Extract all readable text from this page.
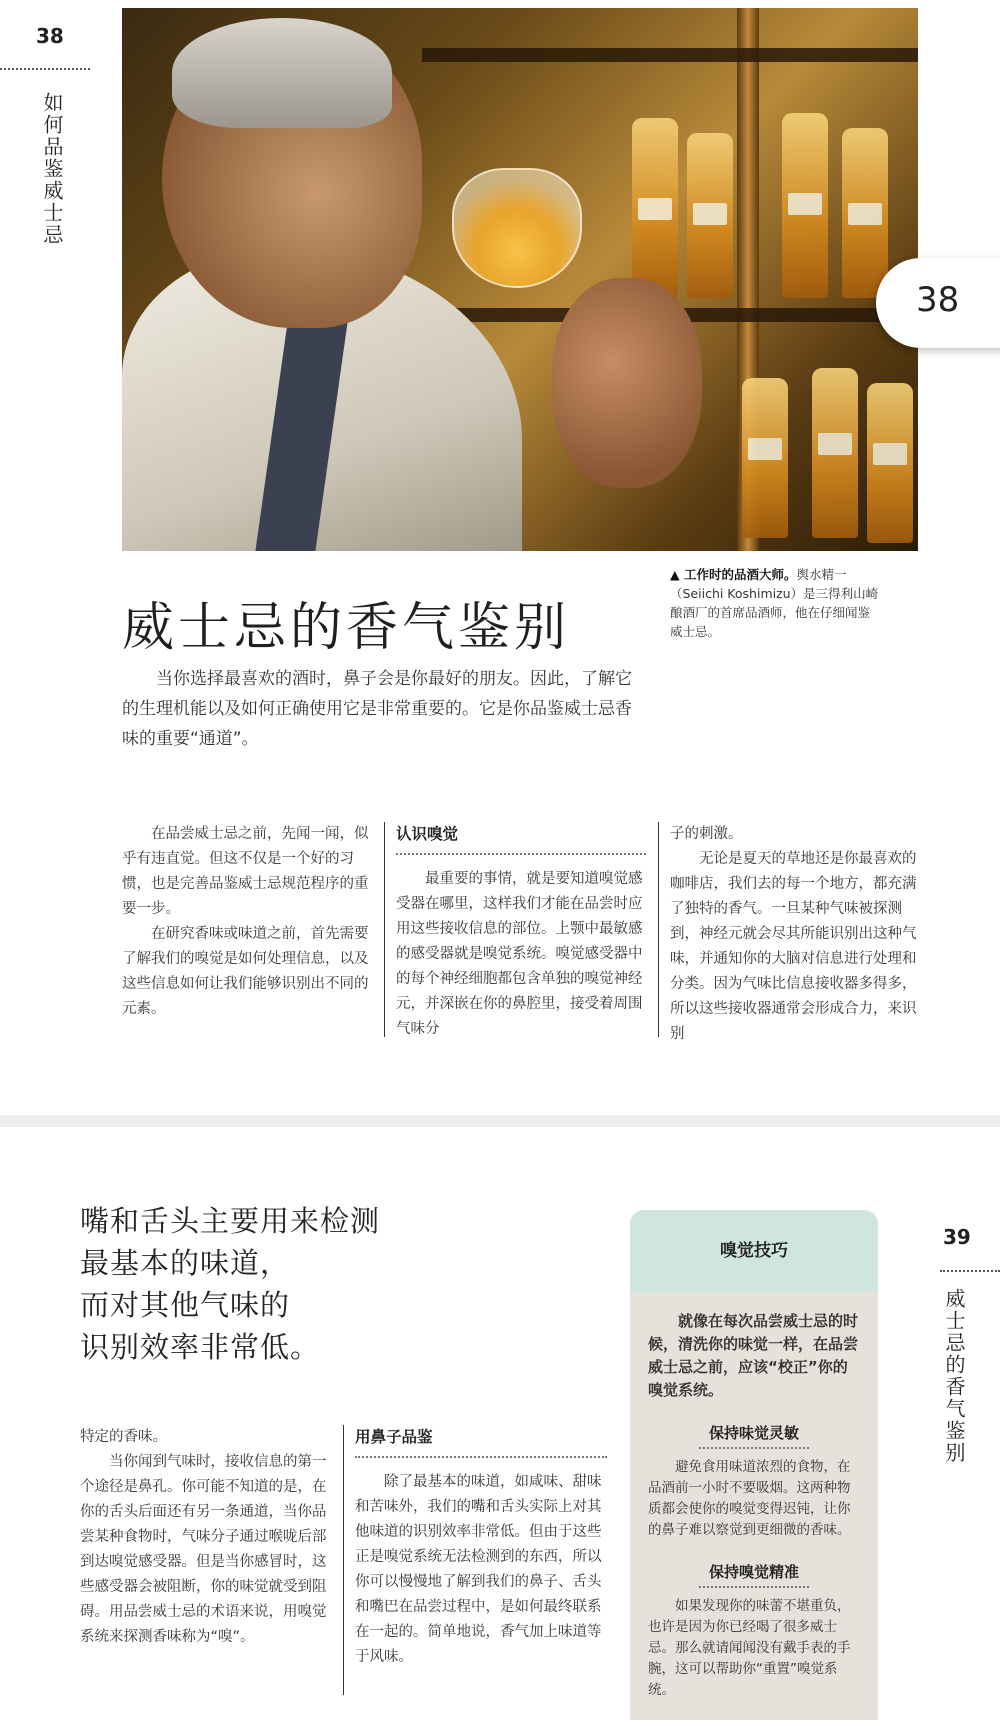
38
如何品鉴威士忌
38
▲ 工作时的品酒大师。舆水精一（Seiichi Koshimizu）是三得利山崎酿酒厂的首席品酒师，他在仔细闻鉴威士忌。
威士忌的香气鉴别

当你选择最喜欢的酒时，鼻子会是你最好的朋友。因此，了解它的生理机能以及如何正确使用它是非常重要的。它是你品鉴威士忌香味的重要“通道”。

在品尝威士忌之前，先闻一闻，似乎有违直觉。但这不仅是一个好的习惯，也是完善品鉴威士忌规范程序的重要一步。

在研究香味或味道之前，首先需要了解我们的嗅觉是如何处理信息，以及这些信息如何让我们能够识别出不同的元素。

认识嗅觉

最重要的事情，就是要知道嗅觉感受器在哪里，这样我们才能在品尝时应用这些接收信息的部位。上颚中最敏感的感受器就是嗅觉系统。嗅觉感受器中的每个神经细胞都包含单独的嗅觉神经元，并深嵌在你的鼻腔里，接受着周围气味分

子的刺激。

无论是夏天的草地还是你最喜欢的咖啡店，我们去的每一个地方，都充满了独特的香气。一旦某种气味被探测到，神经元就会尽其所能识别出这种气味，并通知你的大脑对信息进行处理和分类。因为气味比信息接收器多得多，所以这些接收器通常会形成合力，来识别

嘴和舌头主要用来检测
最基本的味道，
而对其他气味的
识别效率非常低。
39
威士忌的香气鉴别

特定的香味。

当你闻到气味时，接收信息的第一个途径是鼻孔。你可能不知道的是，在你的舌头后面还有另一条通道，当你品尝某种食物时，气味分子通过喉咙后部到达嗅觉感受器。但是当你感冒时，这些感受器会被阻断，你的味觉就受到阻碍。用品尝威士忌的术语来说，用嗅觉系统来探测香味称为“嗅”。

用鼻子品鉴

除了最基本的味道，如咸味、甜味和苦味外，我们的嘴和舌头实际上对其他味道的识别效率非常低。但由于这些正是嗅觉系统无法检测到的东西，所以你可以慢慢地了解到我们的鼻子、舌头和嘴巴在品尝过程中，是如何最终联系在一起的。简单地说，香气加上味道等于风味。

嗅觉技巧

就像在每次品尝威士忌的时候，清洗你的味觉一样，在品尝威士忌之前，应该“校正”你的嗅觉系统。

保持味觉灵敏

避免食用味道浓烈的食物，在品酒前一小时不要吸烟。这两种物质都会使你的嗅觉变得迟钝，让你的鼻子难以察觉到更细微的香味。

保持嗅觉精准

如果发现你的味蕾不堪重负，也许是因为你已经喝了很多威士忌。那么就请闻闻没有戴手表的手腕，这可以帮助你“重置”嗅觉系统。
